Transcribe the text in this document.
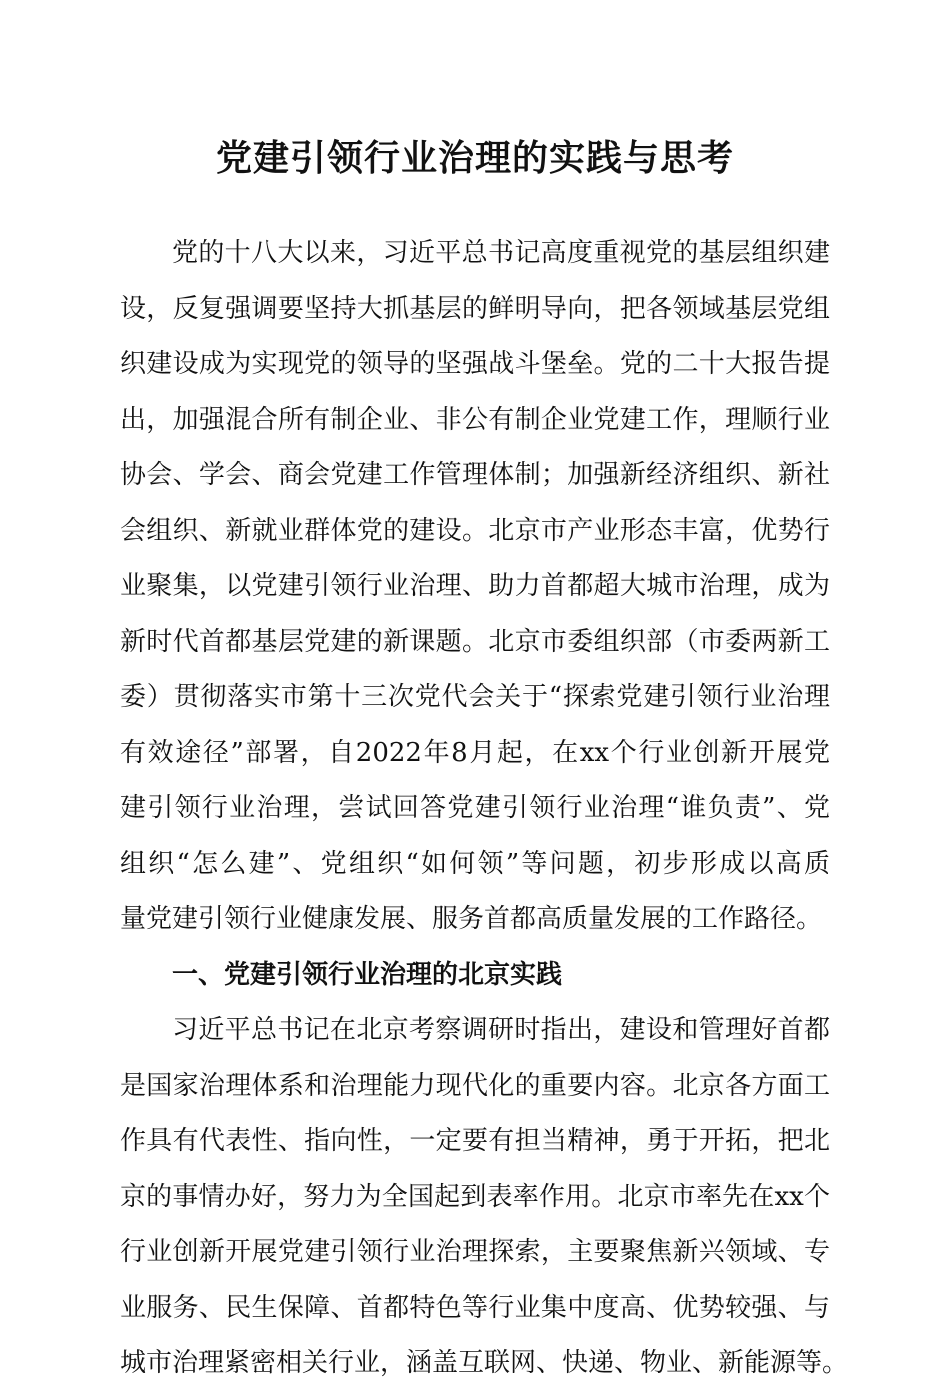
党建引领行业治理的实践与思考
党的十八大以来，习近平总书记高度重视党的基层组织建
设，反复强调要坚持大抓基层的鲜明导向，把各领域基层党组
织建设成为实现党的领导的坚强战斗堡垒。党的二十大报告提
出，加强混合所有制企业、非公有制企业党建工作，理顺行业
协会、学会、商会党建工作管理体制；加强新经济组织、新社
会组织、新就业群体党的建设。北京市产业形态丰富，优势行
业聚集，以党建引领行业治理、助力首都超大城市治理，成为
新时代首都基层党建的新课题。北京市委组织部（市委两新工
委）贯彻落实市第十三次党代会关于“探索党建引领行业治理
有效途径”部署，自2022年8月起，在xx个行业创新开展党
建引领行业治理，尝试回答党建引领行业治理“谁负责”、党
组织“怎么建”、党组织“如何领”等问题，初步形成以高质
量党建引领行业健康发展、服务首都高质量发展的工作路径。
一、党建引领行业治理的北京实践
习近平总书记在北京考察调研时指出，建设和管理好首都
是国家治理体系和治理能力现代化的重要内容。北京各方面工
作具有代表性、指向性，一定要有担当精神，勇于开拓，把北
京的事情办好，努力为全国起到表率作用。北京市率先在xx个
行业创新开展党建引领行业治理探索，主要聚焦新兴领域、专
业服务、民生保障、首都特色等行业集中度高、优势较强、与
城市治理紧密相关行业，涵盖互联网、快递、物业、新能源等。
